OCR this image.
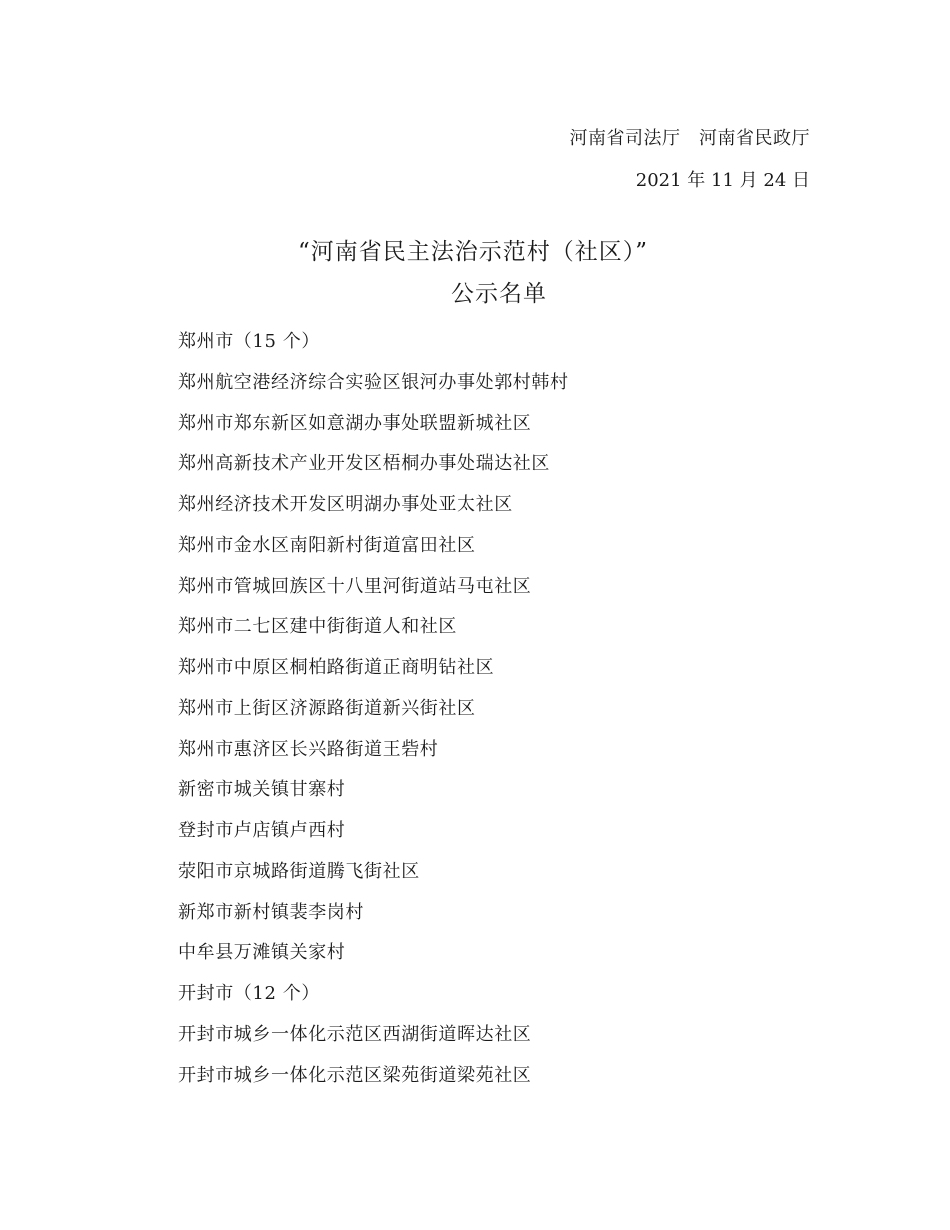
河南省司法厅　河南省民政厅
2021 年 11 月 24 日
“河南省民主法治示范村（社区）”
公示名单
郑州市（15 个）
郑州航空港经济综合实验区银河办事处郭村韩村
郑州市郑东新区如意湖办事处联盟新城社区
郑州高新技术产业开发区梧桐办事处瑞达社区
郑州经济技术开发区明湖办事处亚太社区
郑州市金水区南阳新村街道富田社区
郑州市管城回族区十八里河街道站马屯社区
郑州市二七区建中街街道人和社区
郑州市中原区桐柏路街道正商明钻社区
郑州市上街区济源路街道新兴街社区
郑州市惠济区长兴路街道王砦村
新密市城关镇甘寨村
登封市卢店镇卢西村
荥阳市京城路街道腾飞街社区
新郑市新村镇裴李岗村
中牟县万滩镇关家村
开封市（12 个）
开封市城乡一体化示范区西湖街道晖达社区
开封市城乡一体化示范区梁苑街道梁苑社区
